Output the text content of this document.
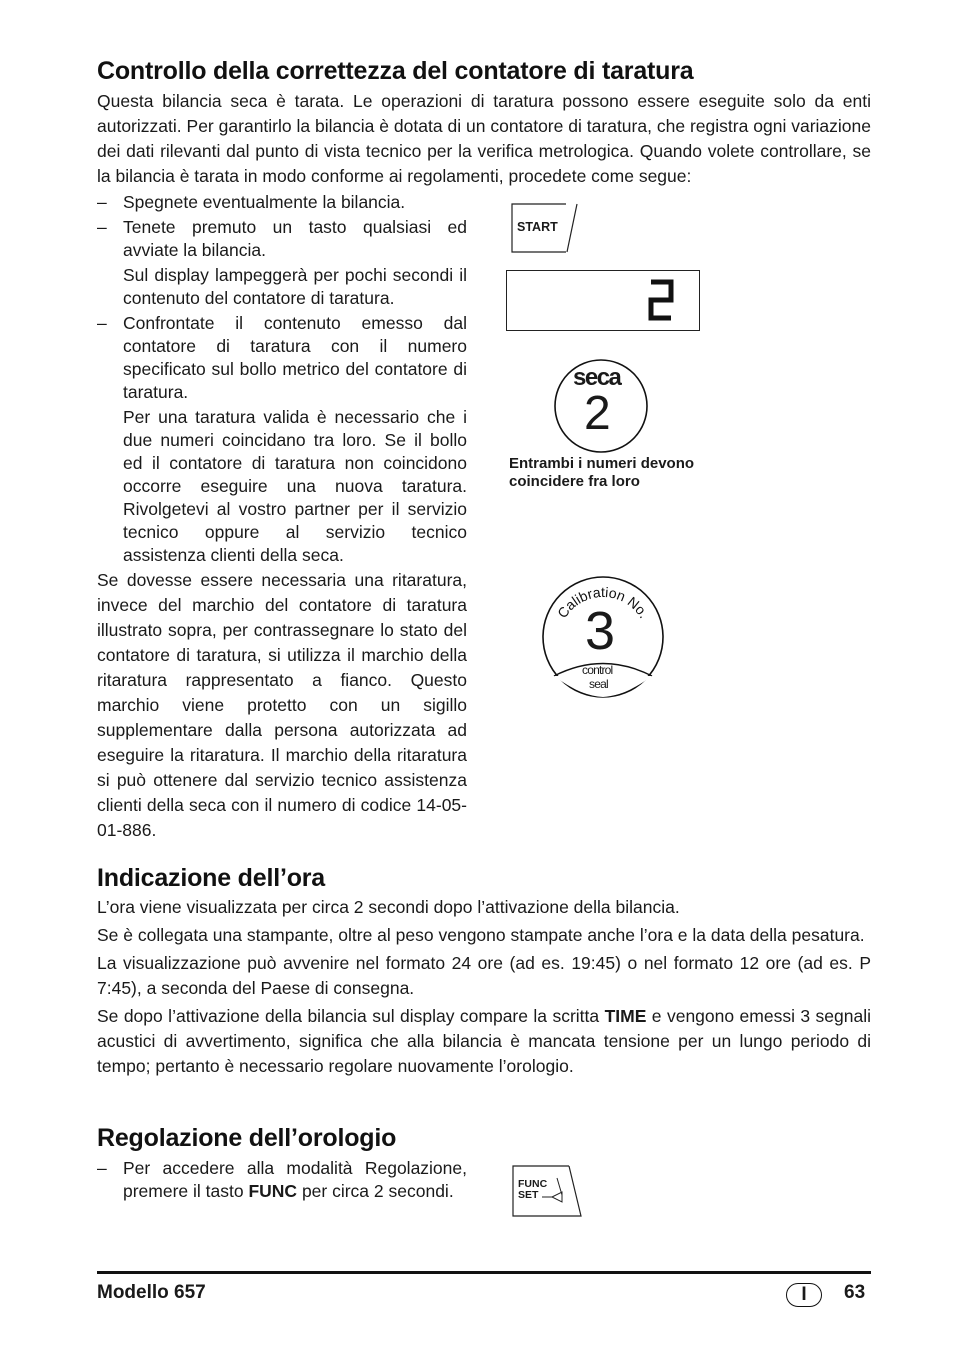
Controllo della correttezza del contatore di taratura

Questa bilancia seca è tarata. Le operazioni di taratura possono essere eseguite solo da enti autorizzati. Per garantirlo la bilancia è dotata di un contatore di taratura, che registra ogni variazione dei dati rilevanti dal punto di vista tecnico per la verifica metrologica. Quando volete controllare, se la bilancia è tarata in modo conforme ai regolamenti, procedete come segue:

– Spegnete eventualmente la bilancia.
– Tenete premuto un tasto qualsiasi ed avviate la bilancia.
Sul display lampeggerà per pochi secondi il contenuto del contatore di taratura.
– Confrontate il contenuto emesso dal contatore di taratura con il numero specificato sul bollo metrico del contatore di taratura.
Per una taratura valida è necessario che i due numeri coincidano tra loro. Se il bollo ed il contatore di taratura non coincidono occorre eseguire una nuova taratura. Rivolgetevi al vostro partner per il servizio tecnico oppure al servizio tecnico assistenza clienti della seca.

Se dovesse essere necessaria una ritaratura, invece del marchio del contatore di taratura illustrato sopra, per contrassegnare lo stato del contatore di taratura, si utilizza il marchio della ritaratura rappresentato a fianco. Questo marchio viene protetto con un sigillo supplementare dalla persona autorizzata ad eseguire la ritaratura. Il marchio della ritaratura si può ottenere dal servizio tecnico assistenza clienti della seca con il numero di codice 14-05-01-886.

START
seca
2
Entrambi i numeri devono
coincidere fra loro
Calibration No.
3
control
seal
Indicazione dell’ora

L’ora viene visualizzata per circa 2 secondi dopo l’attivazione della bilancia.

Se è collegata una stampante, oltre al peso vengono stampate anche l’ora e la data della pesatura.

La visualizzazione può avvenire nel formato 24 ore (ad es. 19:45) o nel formato 12 ore (ad es. P 7:45), a seconda del Paese di consegna.

Se dopo l’attivazione della bilancia sul display compare la scritta TIME e vengono emessi 3 segnali acustici di avvertimento, significa che alla bilancia è mancata tensione per un lungo periodo di tempo; pertanto è necessario regolare nuovamente l’orologio.

Regolazione dell’orologio
– Per accedere alla modalità Regolazione, premere il tasto FUNC per circa 2 secondi.	FUNC
SET
Modello 657	I	63
